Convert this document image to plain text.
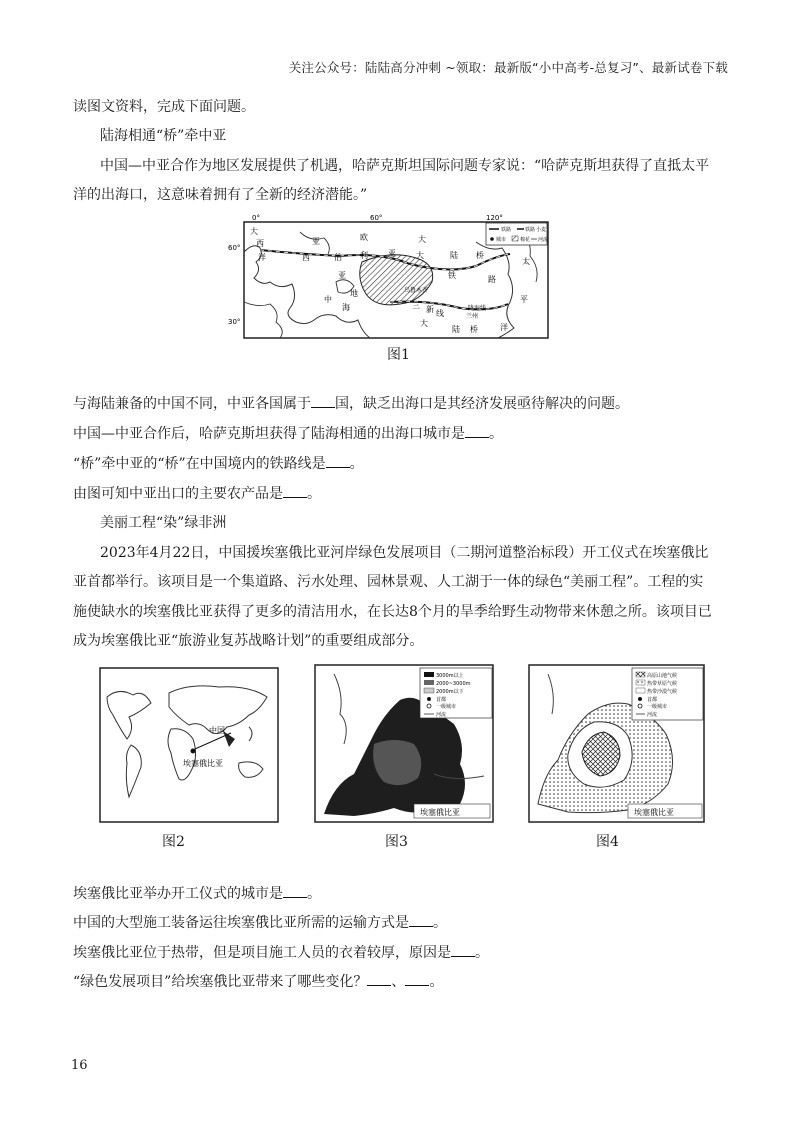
关注公众号：陆陆高分冲刺 ~领取：最新版“小中高考-总复习”、最新试卷下载
读图文资料，完成下面问题。
陆海相通“桥”牵中亚
中国—中亚合作为地区发展提供了机遇，哈萨克斯坦国际问题专家说：“哈萨克斯坦获得了直抵太平
洋的出海口，这意味着拥有了全新的经济潜能。”
铁路	铁路 小麦
城市	棉花 河流
大
西
洋
亚	欧	大
西	伯 利	亚	大	陆 桥
铁	路
太
亚
地
中
海
乌鲁木齐
三 新 线
大
陆 桥	洋
陇海线
兰州
平
0°	60°	120°
60°
30°
图1
与海陆兼备的中国不同，中亚各国属于 国，缺乏出海口是其经济发展亟待解决的问题。
中国—中亚合作后，哈萨克斯坦获得了陆海相通的出海口城市是 。
“桥”牵中亚的“桥”在中国境内的铁路线是 。
由图可知中亚出口的主要农产品是 。
美丽工程“染”绿非洲
2023年4月22日，中国援埃塞俄比亚河岸绿色发展项目（二期河道整治标段）开工仪式在埃塞俄比
亚首都举行。该项目是一个集道路、污水处理、园林景观、人工湖于一体的绿色“美丽工程”。工程的实
施使缺水的埃塞俄比亚获得了更多的清洁用水，在长达8个月的旱季给野生动物带来休憩之所。该项目已
成为埃塞俄比亚“旅游业复苏战略计划”的重要组成部分。
中国
埃塞俄比亚
图2
3000m以上
2000~3000m
2000m以下
首都
一级城市
河流
埃塞俄比亚
图3
高原山地气候
热带草原气候
热带沙漠气候
首都
一级城市
河流
埃塞俄比亚
图4
埃塞俄比亚举办开工仪式的城市是 。
中国的大型施工装备运往埃塞俄比亚所需的运输方式是 。
埃塞俄比亚位于热带，但是项目施工人员的衣着较厚，原因是 。
“绿色发展项目”给埃塞俄比亚带来了哪些变化？ 、 。
16
